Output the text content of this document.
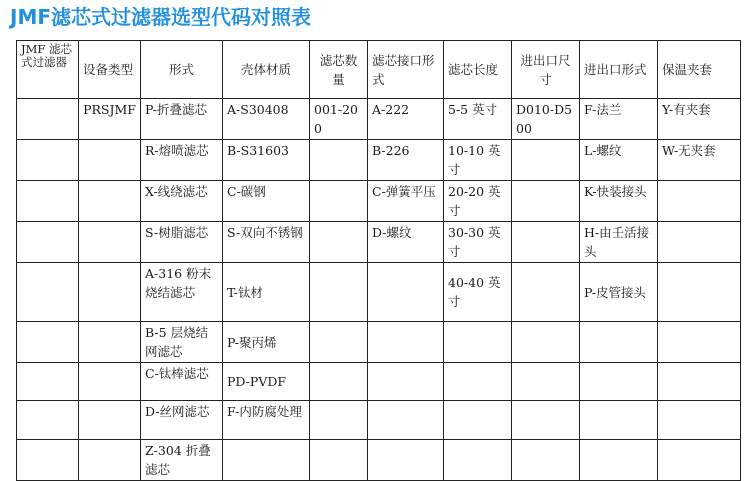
JMF滤芯式过滤器选型代码对照表
JMF 滤芯式过滤器	设备类型	形式	壳体材质	滤芯数量	滤芯接口形式	滤芯长度	进出口尺寸	进出口形式	保温夹套
	PRSJMF	P-折叠滤芯	A-S30408	001-200	A-222	5-5 英寸	D010-D500	F-法兰	Y-有夹套
		R-熔喷滤芯	B-S31603		B-226	10-10 英寸		L-螺纹	W-无夹套
		X-线绕滤芯	C-碳钢		C-弹簧平压	20-20 英寸		K-快装接头	
		S-树脂滤芯	S-双向不锈钢		D-螺纹	30-30 英寸		H-由壬活接头	
		A-316 粉末烧结滤芯	T-钛材			40-40 英寸		P-皮管接头	
		B-5 层烧结网滤芯	P-聚丙烯						
		C-钛棒滤芯	PD-PVDF						
		D-丝网滤芯	F-内防腐处理						
		Z-304 折叠滤芯							
